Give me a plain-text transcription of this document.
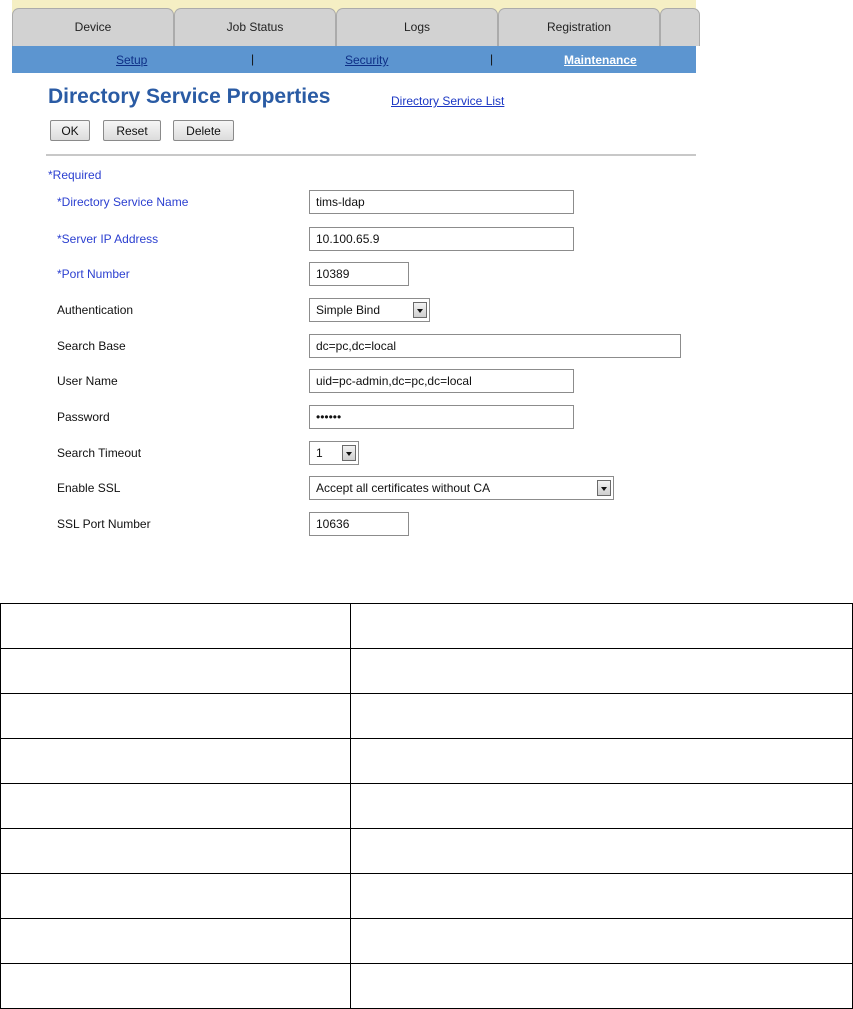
Device	Job Status	Logs	Registration
Setup	|	Security	|	Maintenance
Directory Service Properties	Directory Service List
OK	Reset	Delete
*Required
*Directory Service Name	tims-ldap
*Server IP Address	10.100.65.9
*Port Number	10389
Authentication	Simple Bind
Search Base	dc=pc,dc=local
User Name	uid=pc-admin,dc=pc,dc=local
Password	••••••
Search Timeout	1
Enable SSL	Accept all certificates without CA
SSL Port Number	10636
